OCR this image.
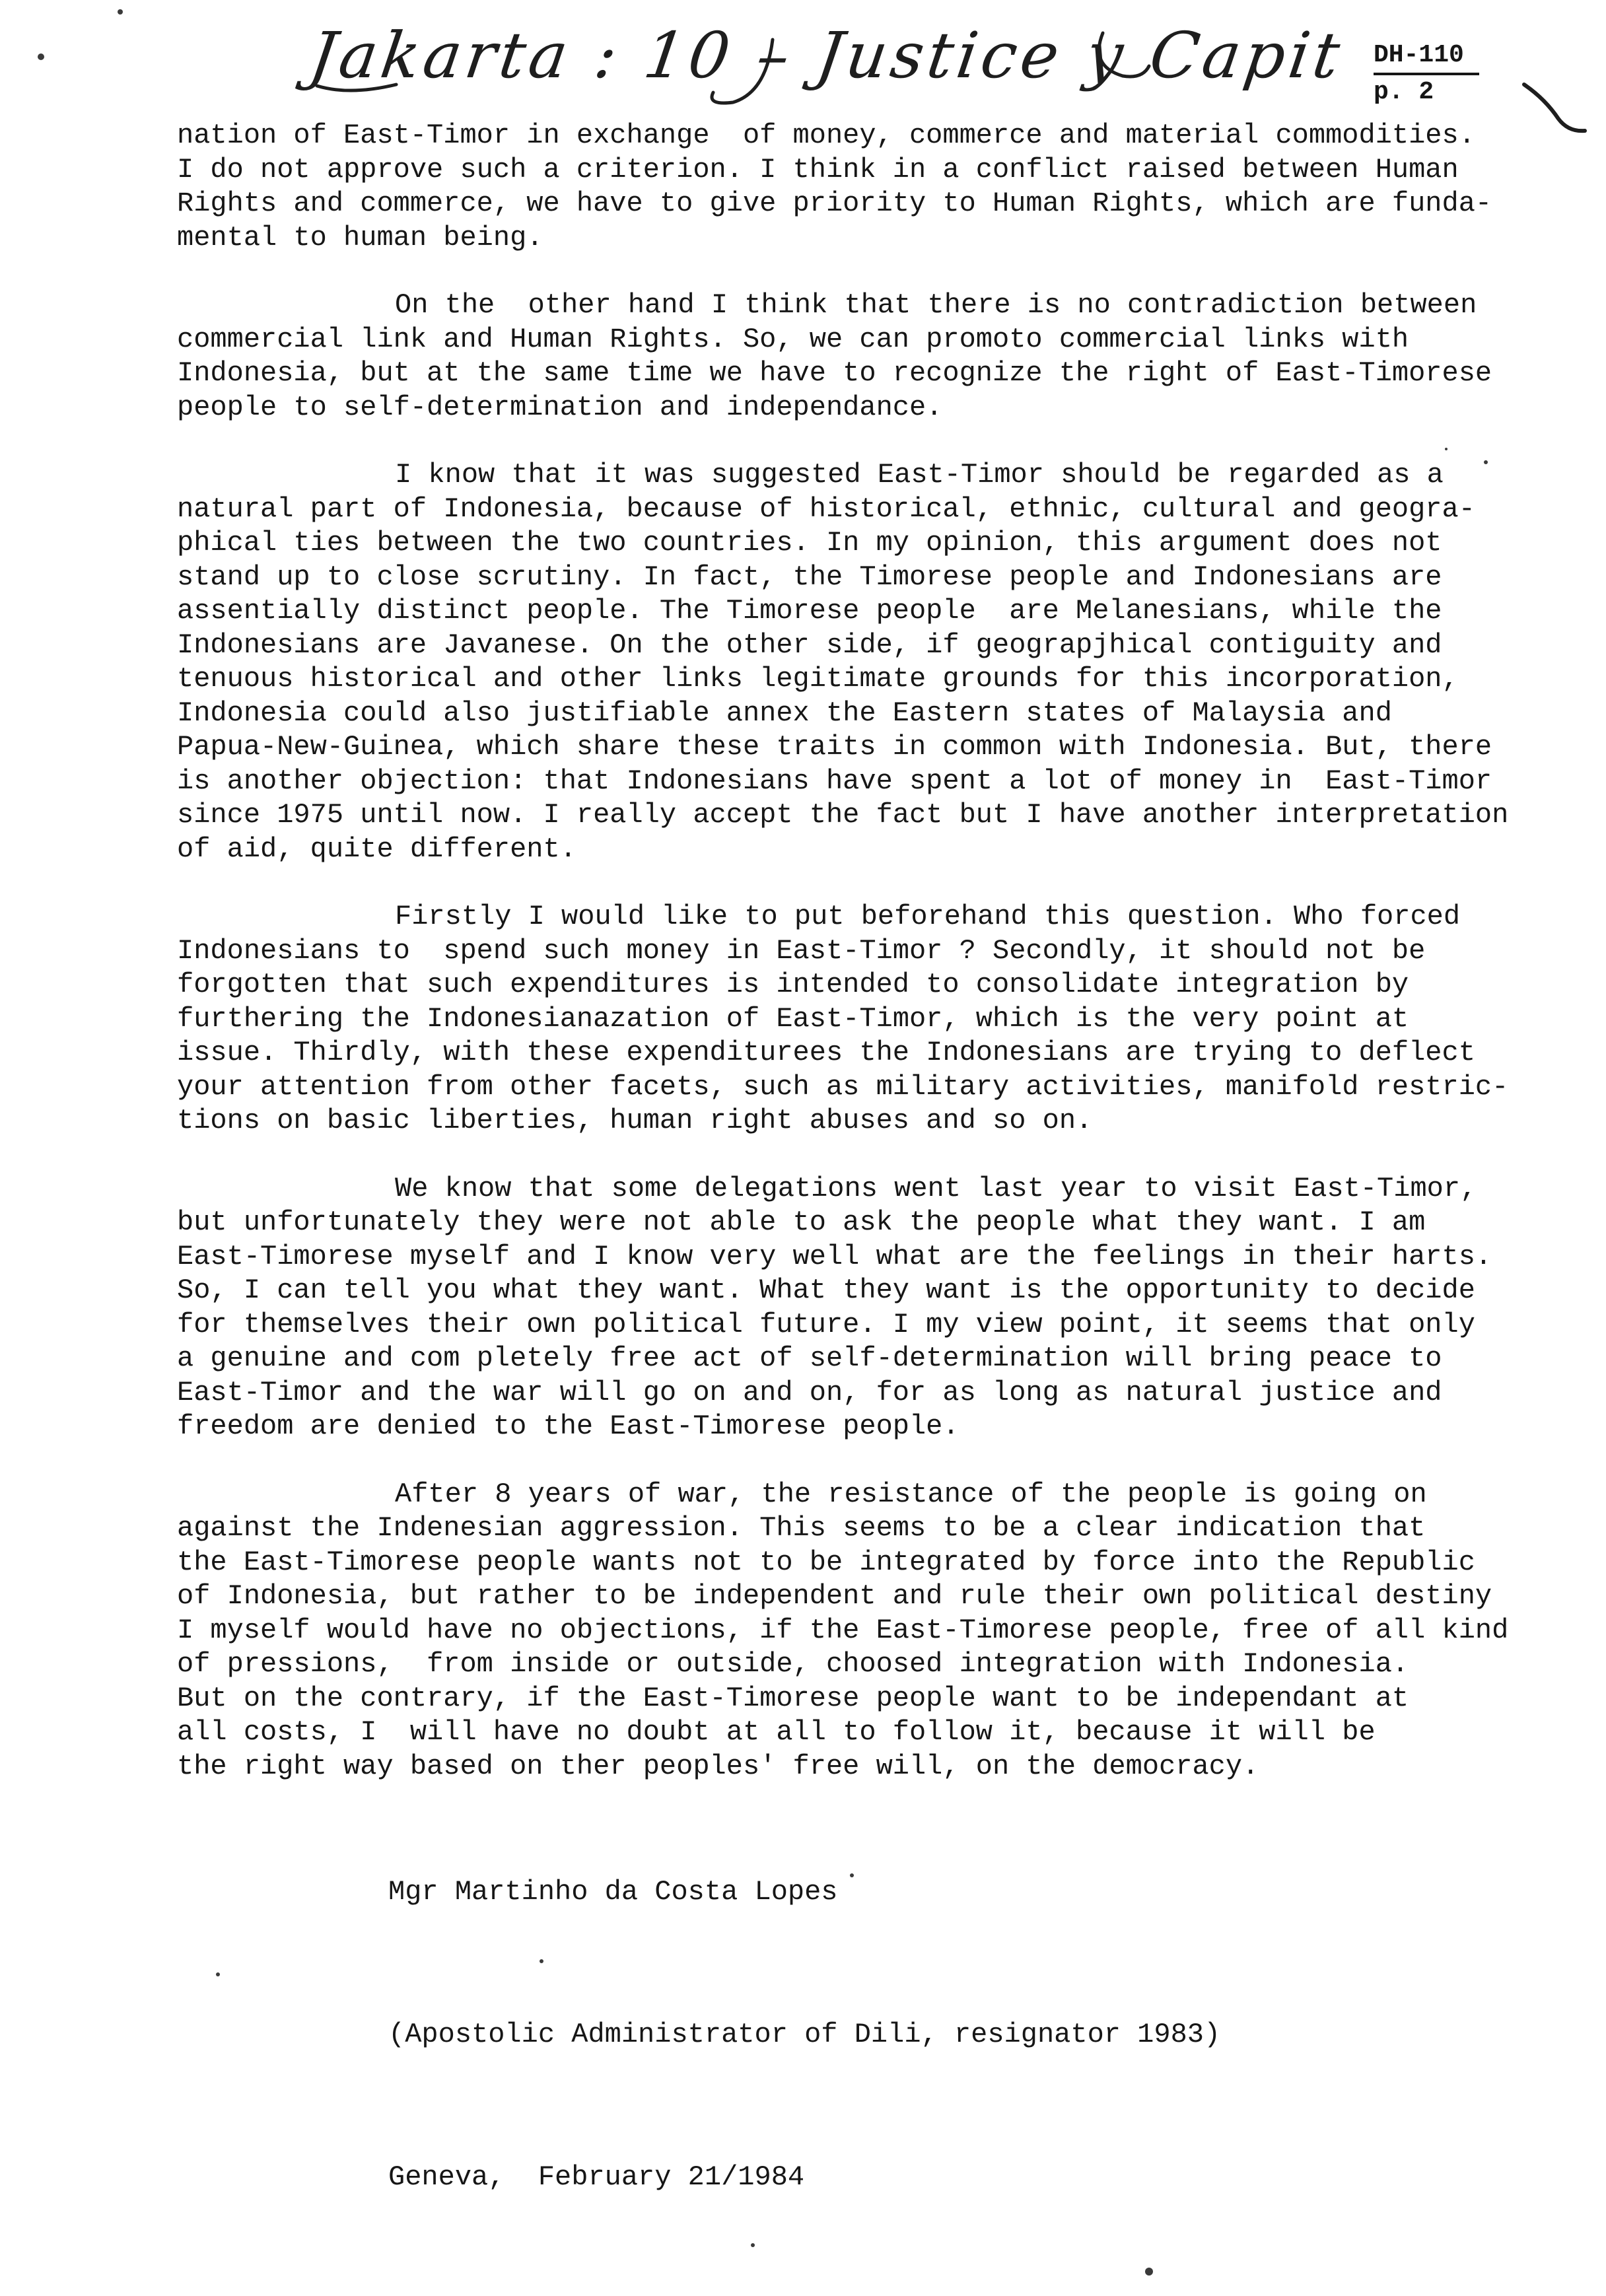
Jakarta : 10 – Justice y Capit DH-110
p. 2
nation of East-Timor in exchange  of money, commerce and material commodities.
I do not approve such a criterion. I think in a conflict raised between Human
Rights and commerce, we have to give priority to Human Rights, which are funda-
mental to human being.
On the  other hand I think that there is no contradiction between
commercial link and Human Rights. So, we can promoto commercial links with
Indonesia, but at the same time we have to recognize the right of East-Timorese
people to self-determination and independance.
I know that it was suggested East-Timor should be regarded as a
natural part of Indonesia, because of historical, ethnic, cultural and geogra-
phical ties between the two countries. In my opinion, this argument does not
stand up to close scrutiny. In fact, the Timorese people and Indonesians are
assentially distinct people. The Timorese people  are Melanesians, while the
Indonesians are Javanese. On the other side, if geograpjhical contiguity and
tenuous historical and other links legitimate grounds for this incorporation,
Indonesia could also justifiable annex the Eastern states of Malaysia and
Papua-New-Guinea, which share these traits in common with Indonesia. But, there
is another objection: that Indonesians have spent a lot of money in  East-Timor
since 1975 until now. I really accept the fact but I have another interpretation
of aid, quite different.
Firstly I would like to put beforehand this question. Who forced
Indonesians to  spend such money in East-Timor ? Secondly, it should not be
forgotten that such expenditures is intended to consolidate integration by
furthering the Indonesianazation of East-Timor, which is the very point at
issue. Thirdly, with these expenditurees the Indonesians are trying to deflect
your attention from other facets, such as military activities, manifold restric-
tions on basic liberties, human right abuses and so on.
We know that some delegations went last year to visit East-Timor,
but unfortunately they were not able to ask the people what they want. I am
East-Timorese myself and I know very well what are the feelings in their harts.
So, I can tell you what they want. What they want is the opportunity to decide
for themselves their own political future. I my view point, it seems that only
a genuine and com pletely free act of self-determination will bring peace to
East-Timor and the war will go on and on, for as long as natural justice and
freedom are denied to the East-Timorese people.
After 8 years of war, the resistance of the people is going on
against the Indenesian aggression. This seems to be a clear indication that
the East-Timorese people wants not to be integrated by force into the Republic
of Indonesia, but rather to be independent and rule their own political destiny
I myself would have no objections, if the East-Timorese people, free of all kind
of pressions,  from inside or outside, choosed integration with Indonesia.
But on the contrary, if the East-Timorese people want to be independant at
all costs, I  will have no doubt at all to follow it, because it will be
the right way based on ther peoples' free will, on the democracy.

Mgr Martinho da Costa Lopes

(Apostolic Administrator of Dili, resignator 1983)

Geneva,  February 21/1984
